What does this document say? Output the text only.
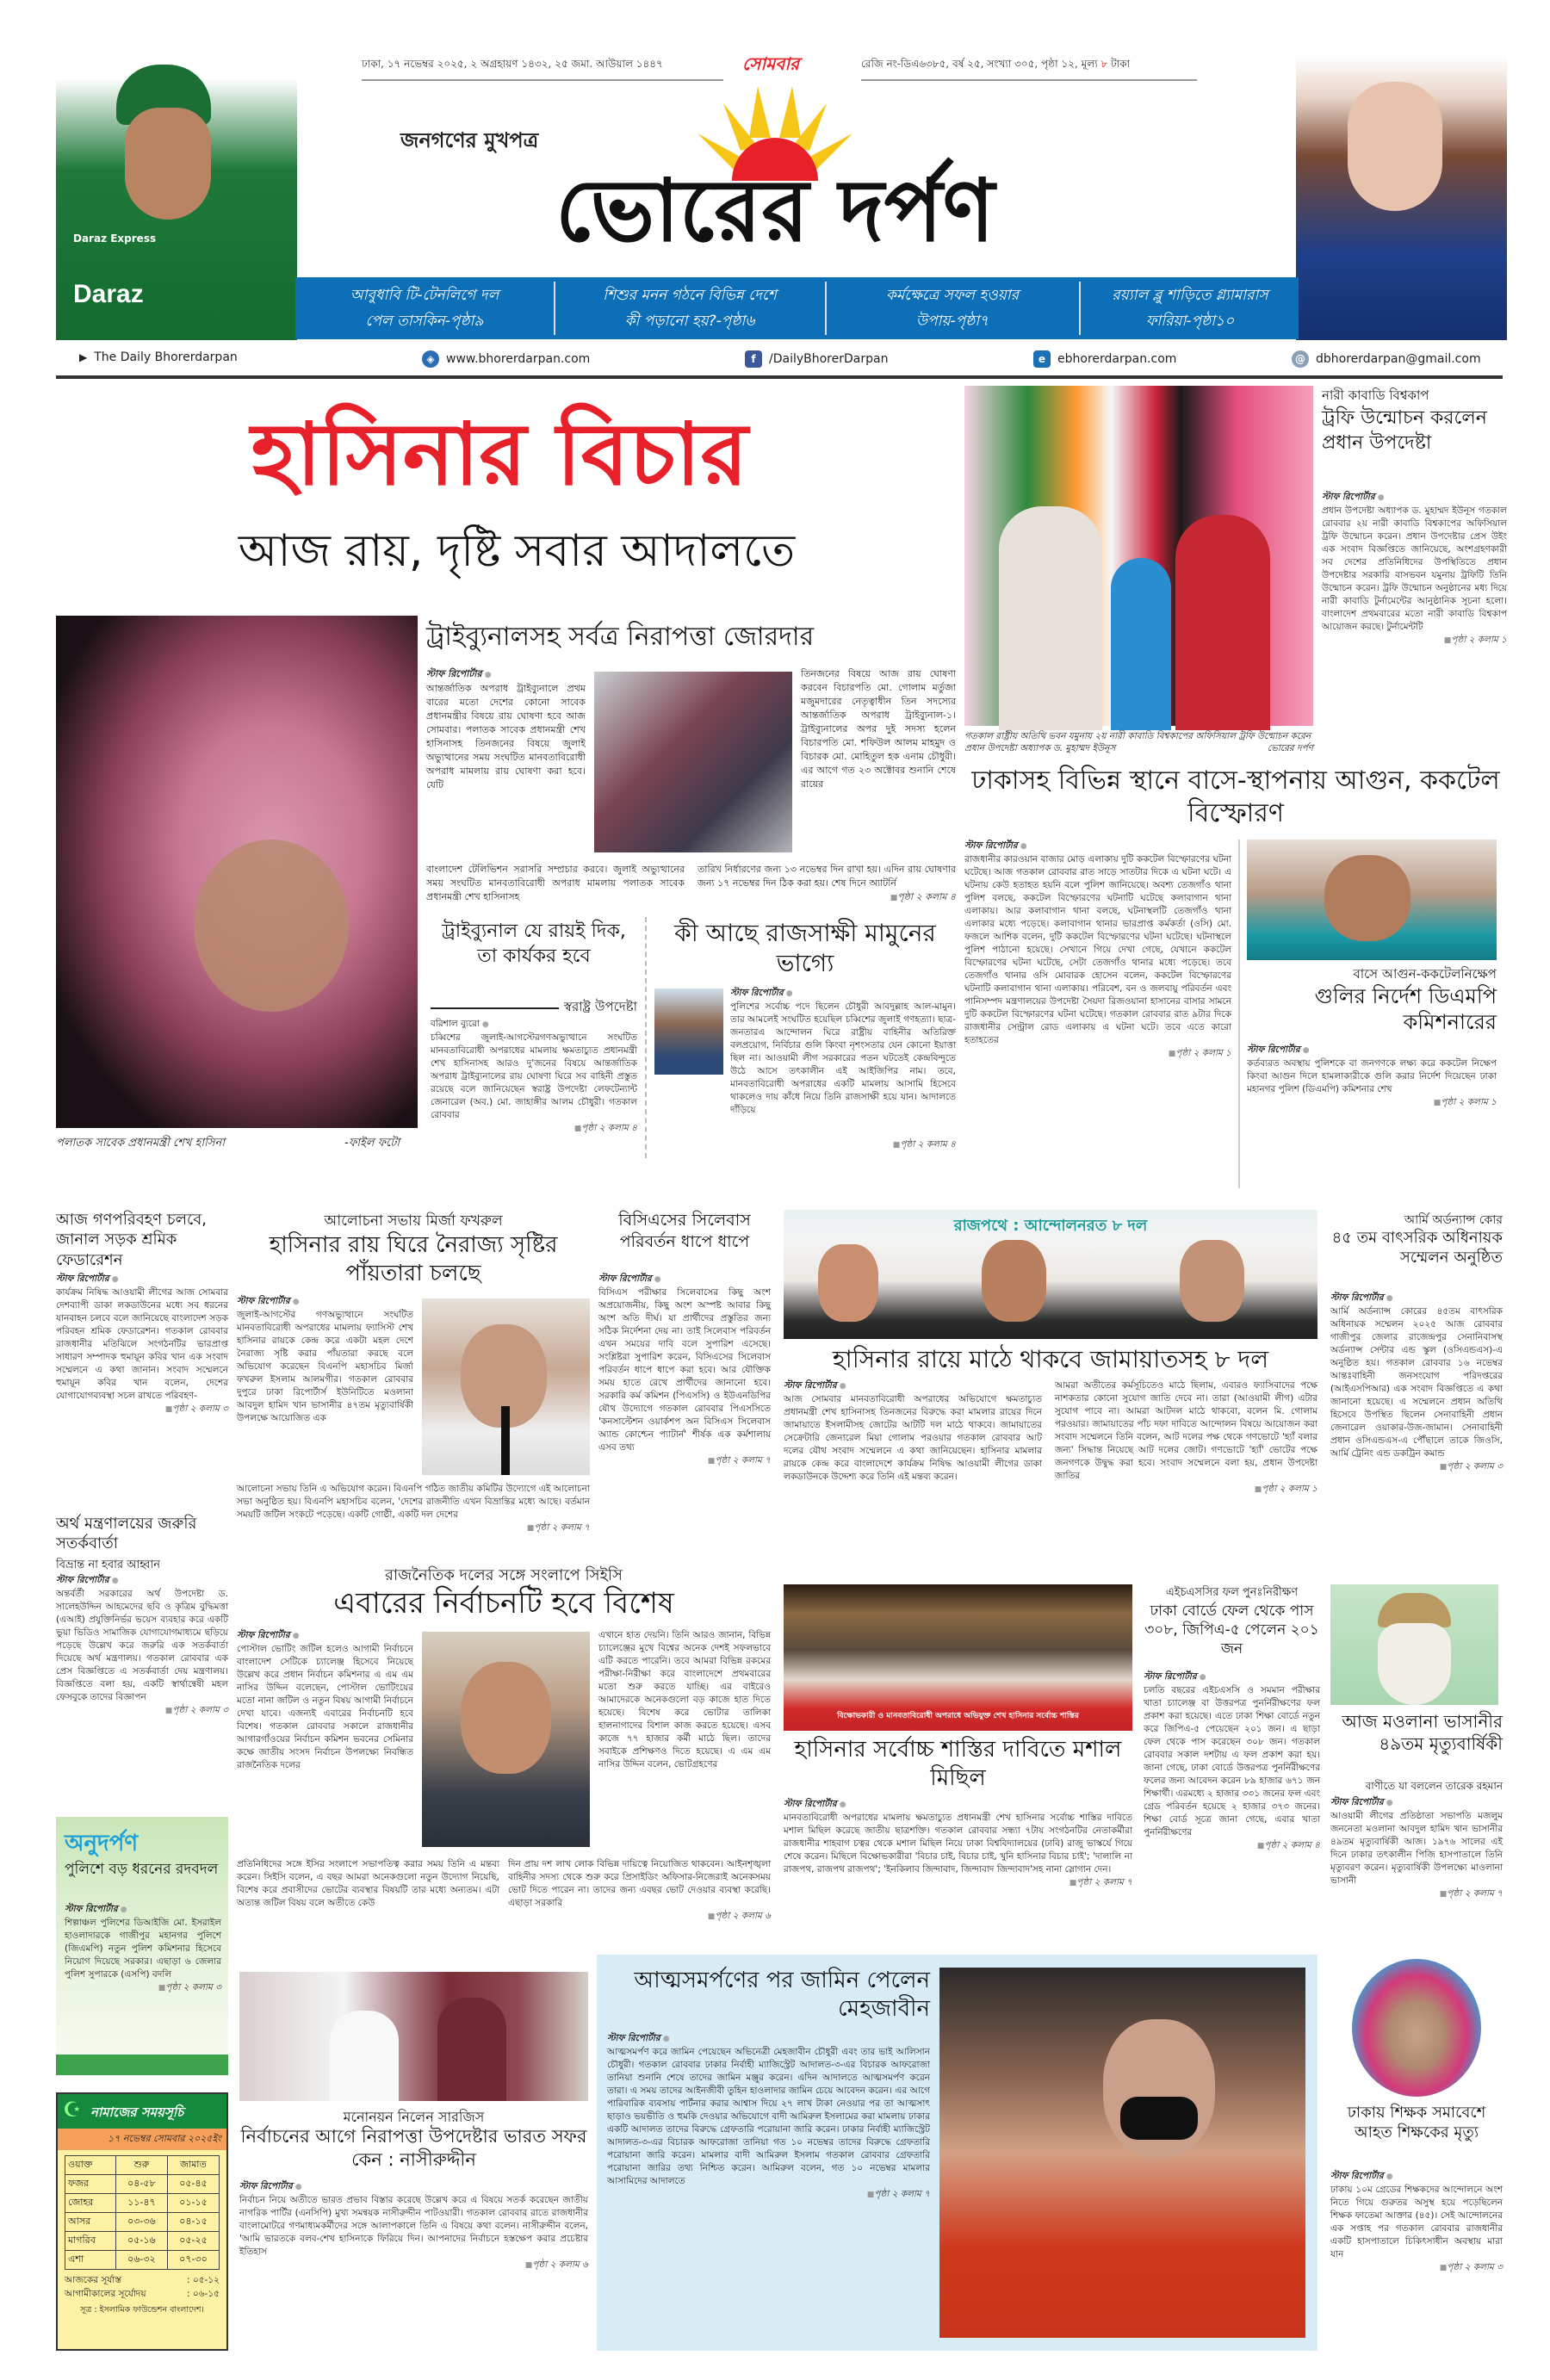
Daraz Express
Daraz
ঢাকা, ১৭ নভেম্বর ২০২৫, ২ অগ্রহায়ণ ১৪৩২, ২৫ জমা. আউয়াল ১৪৪৭	সোমবার	রেজি নং-ডিএ৬৩৮৫, বর্ষ ২৫, সংখ্যা ৩০৫, পৃষ্ঠা ১২, মূল্য ৮ টাকা
জনগণের মুখপত্র
ভোরের দর্পণ
আবুধাবি টি-টেনলিগে দল
পেল তাসকিন-পৃষ্ঠা৯
শিশুর মনন গঠনে বিভিন্ন দেশে
কী পড়ানো হয়?-পৃষ্ঠা৬
কর্মক্ষেত্রে সফল হওয়ার
উপায়-পৃষ্ঠা৭
রয়্যাল ব্লু শাড়িতে গ্ল্যামারাস
ফারিয়া-পৃষ্ঠা১০
▶ The Daily Bhorerdarpan	◈ www.bhorerdarpan.com	f	/DailyBhorerDarpan	e ebhorerdarpan.com	@ dbhorerdarpan@gmail.com
হাসিনার বিচার
আজ রায়, দৃষ্টি সবার আদালতে
পলাতক সাবেক প্রধানমন্ত্রী শেখ হাসিনা	-ফাইল ফটো
ট্রাইব্যুনালসহ সর্বত্র নিরাপত্তা জোরদার
স্টাফ রিপোর্টার ●
আন্তর্জাতিক অপরাধ ট্রাইব্যুনালে প্রথম বারের মতো দেশের কোনো সাবেক প্রধানমন্ত্রীর বিষয়ে রায় ঘোষণা হবে আজ সোমবার। পলাতক সাবেক প্রধানমন্ত্রী শেখ হাসিনাসহ তিনজনের বিষয়ে জুলাই অভ্যুত্থানের সময় সংঘটিত মানবতাবিরোধী অপরাধ মামলায় রায় ঘোষণা করা হবে। যেটি
তিনজনের বিষয়ে আজ রায় ঘোষণা করবেন বিচারপতি মো. গোলাম মর্তুজা মজুমদারের নেতৃত্বাধীন তিন সদস্যের আন্তর্জাতিক অপরাধ ট্রাইব্যুনাল-১। ট্রাইব্যুনালের অপর দুই সদস্য হলেন বিচারপতি মো. শফিউল আলম মাহমুদ ও বিচারক মো. মোহিতুল হক এনাম চৌধুরী। এর আগে গত ২৩ অক্টোবর শুনানি শেষে রায়ের
বাংলাদেশ টেলিভিশন সরাসরি সম্প্রচার করবে। জুলাই অভ্যুত্থানের সময় সংঘটিত মানবতাবিরোধী অপরাধ মামলায় পলাতক সাবেক প্রধানমন্ত্রী শেখ হাসিনাসহ
তারিখ নির্ধারণের জন্য ১৩ নভেম্বর দিন রাখা হয়। এদিন রায় ঘোষণার জন্য ১৭ নভেম্বর দিন ঠিক করা হয়। শেষ দিনে অ্যাটর্নি
■ পৃষ্ঠা ২ কলাম ৪
ট্রাইব্যুনাল যে রায়ই দিক, তা কার্যকর হবে
স্বরাষ্ট্র উপদেষ্টা
বরিশাল ব্যুরো ●
চব্বিশের জুলাই-আগস্টেরগণঅভ্যুত্থানে সংঘটিত মানবতাবিরোধী অপরাধের মামলায় ক্ষমতাচ্যুত প্রধানমন্ত্রী শেখ হাসিনাসহ আরও দু'জনের বিষয়ে আন্তর্জাতিক অপরাধ ট্রাইব্যুনালের রায় ঘোষণা ঘিরে সব বাহিনী প্রস্তুত রয়েছে বলে জানিয়েছেন স্বরাষ্ট্র উপদেষ্টা লেফটেন্যান্ট জেনারেল (অব.) মো. জাহাঙ্গীর আলম চৌধুরী। গতকাল রোববার
■ পৃষ্ঠা ২ কলাম ৪
কী আছে রাজসাক্ষী মামুনের ভাগ্যে
স্টাফ রিপোর্টার ●
পুলিশের সর্বোচ্চ পদে ছিলেন চৌধুরী আবদুল্লাহ আল-মামুন। তার আমলেই সংঘটিত হয়েছিল চব্বিশের জুলাই গণহত্যা। ছাত্র-জনতারএ আন্দোলন ঘিরে রাষ্ট্রীয় বাহিনীর অতিরিক্ত বলপ্রয়োগ, নির্বিচার গুলি কিংবা নৃশংসতার যেন কোনো ইয়াত্তা ছিল না। আওয়ামী লীগ সরকারের পতন ঘটতেই কেন্দ্রবিন্দুতে উঠে আসে তৎকালীন এই আইজিপির নাম। তবে, মানবতাবিরোধী অপরাধের একটি মামলায় আসামি হিসেবে থাকলেও দায় কাঁধে নিয়ে তিনি রাজসাক্ষী হয়ে যান। আদালতে দাঁড়িয়ে
■ পৃষ্ঠা ২ কলাম ৪
গতকাল রাষ্ট্রীয় অতিথি ভবন যমুনায় ২য় নারী কাবাডি বিশ্বকাপের অফিসিয়াল ট্রফি উন্মোচন করেন প্রধান উপদেষ্টা অধ্যাপক ড. মুহাম্মদ ইউনূস	ভোরের দর্পণ
নারী কাবাডি বিশ্বকাপ
ট্রফি উন্মোচন করলেন প্রধান উপদেষ্টা
স্টাফ রিপোর্টার ●
প্রধান উপদেষ্টা অধ্যাপক ড. মুহাম্মদ ইউনূস গতকাল রোববার ২য় নারী কাবাডি বিশ্বকাপের অফিসিয়াল ট্রফি উন্মোচন করেন। প্রধান উপদেষ্টার প্রেস উইং এক সংবাদ বিজ্ঞপ্তিতে জানিয়েছে, অংশগ্রহণকারী সব দেশের প্রতিনিধিদের উপস্থিতিতে প্রধান উপদেষ্টার সরকারি বাসভবন যমুনায় ট্রফিটি তিনি উন্মোচন করেন। ট্রফি উন্মোচন অনুষ্ঠানের মধ্য দিয়ে নারী কাবাডি টুর্নামেন্টের আনুষ্ঠানিক সূচনা হলো। বাংলাদেশ প্রথমবারের মতো নারী কাবাডি বিশ্বকাপ আয়োজন করছে। টুর্নামেন্টটি
■ পৃষ্ঠা ২ কলাম ১
ঢাকাসহ বিভিন্ন স্থানে বাসে-স্থাপনায় আগুন, ককটেল বিস্ফোরণ
স্টাফ রিপোর্টার ●
রাজধানীর কারওয়ান বাজার মোড় এলাকায় দুটি ককটেল বিস্ফোরণের ঘটনা ঘটেছে। আজ গতকাল রোববার রাত সাড়ে সাতটার দিকে এ ঘটনা ঘটে। এ ঘটনায় কেউ হতাহত হয়নি বলে পুলিশ জানিয়েছে। অবশ্য তেজগাঁও থানা পুলিশ বলছে, ককটেল বিস্ফোরণের ঘটনাটি ঘটেছে কলাবাগান থানা এলাকায়। আর কলাবাগান থানা বলছে, ঘটনাস্থলটি তেজগাঁও থানা এলাকার মধ্যে পড়েছে। কলাবাগান থানার ভারপ্রাপ্ত কর্মকর্তা (ওসি) মো. ফজলে আশিক বলেন, দুটি ককটেল বিস্ফোরণের ঘটনা ঘটেছে। ঘটনাস্থলে পুলিশ পাঠানো হয়েছে। সেখানে গিয়ে দেখা গেছে, যেখানে ককটেল বিস্ফোরণের ঘটনা ঘটেছে, সেটা তেজগাঁও থানার মধ্যে পড়েছে। তবে তেজগাঁও থানার ওসি মোবারক হোসেন বলেন, ককটেল বিস্ফোরণের ঘটনাটি কলাবাগান থানা এলাকায়। পরিবেশ, বন ও জলবায়ু পরিবর্তন এবং পানিসম্পদ মন্ত্রণালয়ের উপদেষ্টা সৈয়দা রিজওয়ানা হাসানের বাসার সামনে দুটি ককটেল বিস্ফোরণের ঘটনা ঘটেছে। গতকাল রোববার রাত ৯টার দিকে রাজধানীর সেন্ট্রাল রোড এলাকায় এ ঘটনা ঘটে। তবে এতে কারো হতাহতের
■ পৃষ্ঠা ২ কলাম ১
বাসে আগুন-ককটেলনিক্ষেপ
গুলির নির্দেশ ডিএমপি কমিশনারের
স্টাফ রিপোর্টার ●
কর্তব্যরত অবস্থায় পুলিশকে বা জনগণকে লক্ষ্য করে ককটেল নিক্ষেপ কিংবা আগুন দিলে হামলাকারীকে গুলি করার নির্দেশ দিয়েছেন ঢাকা মহানগর পুলিশ (ডিএমপি) কমিশনার শেখ
■ পৃষ্ঠা ২ কলাম ১
আজ গণপরিবহণ চলবে, জানাল সড়ক শ্রমিক ফেডারেশন
স্টাফ রিপোর্টার ●
কার্যক্রম নিষিদ্ধ আওয়ামী লীগের আজ সোমবার দেশব্যাপী ডাকা লকডাউনের মধ্যে সব ধরনের যানবাহন চলবে বলে জানিয়েছে বাংলাদেশ সড়ক পরিবহন শ্রমিক ফেডারেশন। গতকাল রোববার রাজধানীর মতিঝিলে সংগঠনটির ভারপ্রাপ্ত সাধারণ সম্পাদক হুমায়ূন কবির খান এক সংবাদ সম্মেলনে এ কথা জানান। সংবাদ সম্মেলনে হুমায়ূন কবির খান বলেন, দেশের যোগাযোগব্যবস্থা সচল রাখতে পরিবহণ-
■ পৃষ্ঠা ২ কলাম ৩
আলোচনা সভায় মির্জা ফখরুল
হাসিনার রায় ঘিরে নৈরাজ্য সৃষ্টির পাঁয়তারা চলছে
স্টাফ রিপোর্টার ●
জুলাই-আগস্টের গণঅভ্যুত্থানে সংঘটিত মানবতাবিরোধী অপরাধের মামলায় ফ্যাসিস্ট শেখ হাসিনার রায়কে কেন্দ্র করে একটা মহল দেশে নৈরাজ্য সৃষ্টি করার পাঁয়তারা করছে বলে অভিযোগ করেছেন বিএনপি মহাসচিব মির্জা ফখরুল ইসলাম আলমগীর। গতকাল রোববার দুপুরে ঢাকা রিপোর্টার্স ইউনিটিতে মওলানা আবদুল হামিদ খান ভাসানীর ৪৭তম মৃত্যুবার্ষিকী উপলক্ষে আয়োজিত এক
আলোচনা সভায় তিনি এ অভিযোগ করেন। বিএনপি গঠিত জাতীয় কমিটির উদ্যোগে এই আলোচনা সভা অনুষ্ঠিত হয়। বিএনপি মহাসচিব বলেন, 'দেশের রাজনীতি এখন বিভ্রান্তির মধ্যে আছে। বর্তমান সময়টি জটিল সংকটে পড়েছে। একটি গোষ্ঠী, একটি দল দেশের
■ পৃষ্ঠা ২ কলাম ৭
বিসিএসের সিলেবাস পরিবর্তন ধাপে ধাপে
স্টাফ রিপোর্টার ●
বিসিএস পরীক্ষার সিলেবাসের কিছু অংশ অপ্রয়োজনীয়, কিছু অংশ অস্পষ্ট আবার কিছু অংশ অতি দীর্ঘ। যা প্রার্থীদের প্রস্তুতির জন্য সঠিক নির্দেশনা দেয় না। তাই সিলেবাস পরিবর্তন এখন সময়ের দাবি বলে সুপারিশ এসেছে। সংশ্লিষ্টরা সুপারিশ করেন, বিসিএসের সিলেবাস পরিবর্তন ধাপে ধাপে করা হবে। আর যৌক্তিক সময় হাতে রেখে প্রার্থীদের জানানো হবে। সরকারি কর্ম কমিশন (পিএসসি) ও ইউএনডিপির যৌথ উদ্যোগে গতকাল রোববার পিএসসিতে 'কনসাল্টেশন ওয়ার্কশপ অন বিসিএস সিলেবাস অ্যান্ড কোশ্চেন প্যাটার্ন' শীর্ষক এক কর্মশালায় এসব তথ্য
■ পৃষ্ঠা ২ কলাম ৭
রাজপথে : আন্দোলনরত ৮ দল
হাসিনার রায়ে মাঠে থাকবে জামায়াতসহ ৮ দল
স্টাফ রিপোর্টার ●
আজ সোমবার মানবতাবিরোধী অপরাধের অভিযোগে ক্ষমতাচ্যুত প্রধানমন্ত্রী শেখ হাসিনাসহ তিনজনের বিরুদ্ধে করা মামলার রায়ের দিনে জামায়াতে ইসলামীসহ জোটের আটটি দল মাঠে থাকবে। জামায়াতের সেক্রেটারি জেনারেল মিয়া গোলাম পরওয়ার গতকাল রোববার আট দলের যৌথ সংবাদ সম্মেলনে এ কথা জানিয়েছেন। হাসিনার মামলার রায়কে কেন্দ্র করে বাংলাদেশে কার্যক্রম নিষিদ্ধ আওয়ামী লীগের ডাকা লকডাউনকে উদ্দেশ্য করে তিনি এই মন্তব্য করেন।
আমরা অতীতের কর্মসূচিতেও মাঠে ছিলাম, এবারও ফ্যাসিবাদের পক্ষে নাশকতার কোনো সুযোগ জাতি দেবে না। তারা (আওয়ামী লীগ) এটার সুযোগ পাবে না। আমরা আটদল মাঠে থাকবো, বলেন মি. গোলাম পরওয়ার। জামায়াতের পাঁচ দফা দাবিতে আন্দোলন বিষয়ে আয়োজন করা সংবাদ সম্মেলনে তিনি বলেন, আট দলের পক্ষ থেকে গণভোটে 'হ্যাঁ বলার জন্য' সিদ্ধান্ত নিয়েছে আট দলের জোট। গণভোটে 'হ্যাঁ' ভোটের পক্ষে জনগণকে উদ্বুদ্ধ করা হবে। সংবাদ সম্মেলনে বলা হয়, প্রধান উপদেষ্টা জাতির
■ পৃষ্ঠা ২ কলাম ১
আর্মি অর্ডন্যান্স কোর
৪৫ তম বাৎসরিক অধিনায়ক সম্মেলন অনুষ্ঠিত
স্টাফ রিপোর্টার ●
আর্মি অর্ডন্যান্স কোরের ৪৫তম বাৎসরিক অধিনায়ক সম্মেলন ২০২৫ আজ রোববার গাজীপুর জেলার রাজেন্দ্রপুর সেনানিবাসস্থ অর্ডন্যান্স সেন্টার এন্ড স্কুল (ওসিএন্ডএস)-এ অনুষ্ঠিত হয়। গতকাল রোববার ১৬ নভেম্বর আন্তঃবাহিনী জনসংযোগ পরিদপ্তরের (আইএসপিআর) এক সংবাদ বিজ্ঞপ্তিতে এ কথা জানানো হয়েছে। এ সম্মেলনে প্রধান অতিথি হিসেবে উপস্থিত ছিলেন সেনাবাহিনী প্রধান জেনারেল ওয়াকার-উজ-জামান। সেনাবাহিনী প্রধান ওসিএন্ডএস-এ পৌঁছালে তাকে জিওসি, আর্মি ট্রেনিং এন্ড ডকট্রিন কমান্ড
■ পৃষ্ঠা ২ কলাম ৩
অর্থ মন্ত্রণালয়ের জরুরি সতর্কবার্তা
বিভ্রান্ত না হবার আহ্বান
স্টাফ রিপোর্টার ●
অন্তর্বর্তী সরকারের অর্থ উপদেষ্টা ড. সালেহউদ্দিন আহমেদের ছবি ও কৃত্রিম বুদ্ধিমত্তা (এআই) প্রযুক্তিনির্ভর ভয়েস ব্যবহার করে একটি ভুয়া ভিডিও সামাজিক যোগাযোগমাধ্যমে ছড়িয়ে পড়েছে উল্লেখ করে জরুরি এক সতর্কবার্তা দিয়েছে অর্থ মন্ত্রণালয়। গতকাল রোববার এক প্রেস বিজ্ঞপ্তিতে এ সতর্কবার্তা দেয় মন্ত্রণালয়। বিজ্ঞপ্তিতে বলা হয়, একটি স্বার্থান্বেষী মহল ফেসবুকে তাদের বিজ্ঞাপন
■ পৃষ্ঠা ২ কলাম ৩
রাজনৈতিক দলের সঙ্গে সংলাপে সিইসি
এবারের নির্বাচনটি হবে বিশেষ
স্টাফ রিপোর্টার ●
পোস্টাল ভোটিং জটিল হলেও আগামী নির্বাচনে বাংলাদেশ সেটিকে চ্যালেঞ্জ হিসেবে নিয়েছে উল্লেখ করে প্রধান নির্বাচন কমিশনার এ এম এম নাসির উদ্দিন বলেছেন, পোস্টাল ভোটিংয়ের মতো নানা জটিল ও নতুন বিষয় আগামী নির্বাচনে দেখা যাবে। এজন্যই এবারের নির্বাচনটি হবে বিশেষ। গতকাল রোববার সকালে রাজধানীর আগারগাঁওয়ের নির্বাচন কমিশন ভবনের সেমিনার কক্ষে জাতীয় সংসদ নির্বাচন উপলক্ষ্যে নিবন্ধিত রাজনৈতিক দলের
এখানে হাত দেয়নি। তিনি আরও জানান, বিভিন্ন চ্যালেঞ্জের মুখে বিশ্বের অনেক দেশই সফলভাবে এটি করতে পারেনি। তবে আমরা বিভিন্ন রকমের পরীক্ষা-নিরীক্ষা করে বাংলাদেশে প্রথমবারের মতো শুরু করতে যাচ্ছি। এর বাইরেও আমাদেরকে অনেকগুলো বড় কাজে হাত দিতে হয়েছে। বিশেষ করে ভোটার তালিকা হালনাগাদের বিশাল কাজ করতে হয়েছে। এসব কাজে ৭৭ হাজার কর্মী মাঠে ছিল। তাদের সবাইকে প্রশিক্ষণও দিতে হয়েছে। এ এম এম নাসির উদ্দিন বলেন, ভোটগ্রহণের
প্রতিনিধিদের সঙ্গে ইসির সংলাপে সভাপতিত্ব করার সময় তিনি এ মন্তব্য করেন। সিইসি বলেন, এ বছর আমরা অনেকগুলো নতুন উদ্যোগ নিয়েছি, বিশেষ করে প্রবাসীদের ভোটের ব্যবস্থার বিষয়টি তার মধ্যে অন্যতম। এটা অত্যন্ত জটিল বিষয় বলে অতীতে কেউ
দিন প্রায় দশ লাখ লোক বিভিন্ন দায়িত্বে নিয়োজিত থাকবেন। আইনশৃঙ্খলা বাহিনীর সদস্য থেকে শুরু করে প্রিসাইডিং অফিসার-নিজেরাই অনেকসময় ভোট দিতে পারেন না। তাদের জন্য এবছর ভোট দেওয়ার ব্যবস্থা করেছি। এছাড়া সরকারি
■ পৃষ্ঠা ২ কলাম ৬
বিক্ষোভকারী ও মানবতাবিরোধী অপরাধে অভিযুক্ত শেখ হাসিনার সর্বোচ্চ শাস্তির
হাসিনার সর্বোচ্চ শাস্তির দাবিতে মশাল মিছিল
স্টাফ রিপোর্টার ●
মানবতাবিরোধী অপরাধের মামলায় ক্ষমতাচ্যুত প্রধানমন্ত্রী শেখ হাসিনার সর্বোচ্চ শাস্তির দাবিতে মশাল মিছিল করেছে জাতীয় ছাত্রশক্তি। গতকাল রোববার সন্ধ্যা ৭টায় সংগঠনটির নেতাকর্মীরা রাজধানীর শাহবাগ চত্বর থেকে মশাল মিছিল নিয়ে ঢাকা বিশ্ববিদ্যালয়ের (ঢাবি) রাজু ভাস্কর্যে গিয়ে শেষে করেন। মিছিলে বিক্ষোভকারীরা 'বিচার চাই, বিচার চাই, খুনি হাসিনার বিচার চাই'; 'দালালি না রাজপথ, রাজপথ রাজপথ'; 'ইনকিলাব জিন্দাবাদ, জিন্দাবাদ জিন্দাবাদ'সহ নানা স্লোগান দেন।
■ পৃষ্ঠা ২ কলাম ৭
এইচএসসির ফল পুনঃনিরীক্ষণ
ঢাকা বোর্ডে ফেল থেকে পাস ৩০৮, জিপিএ-৫ পেলেন ২০১ জন
স্টাফ রিপোর্টার ●
চলতি বছরের এইচএসসি ও সমমান পরীক্ষার খাতা চ্যালেঞ্জ বা উত্তরপত্র পুনর্নিরীক্ষণের ফল প্রকাশ করা হয়েছে। এতে ঢাকা শিক্ষা বোর্ডে নতুন করে জিপিএ-৫ পেয়েছেন ২০১ জন। এ ছাড়া ফেল থেকে পাস করেছেন ৩০৮ জন। গতকাল রোববার সকাল দশটায় এ ফল প্রকাশ করা হয়। জানা গেছে, ঢাকা বোর্ডে উত্তরপত্র পুনর্নিরীক্ষণের ফলের জন্য আবেদন করেন ৮৯ হাজার ৬৭১ জন শিক্ষার্থী। এরমধ্যে ২ হাজার ৩৩১ জনের ফল এবং গ্রেড পরিবর্তন হয়েছে ২ হাজার ৩৭৩ জনের। শিক্ষা বোর্ড সূত্রে জানা গেছে, এবার খাতা পুনর্নিরীক্ষণের
■ পৃষ্ঠা ২ কলাম ৪
আজ মওলানা ভাসানীর ৪৯তম মৃত্যুবার্ষিকী
বাণীতে যা বললেন তারেক রহমান
স্টাফ রিপোর্টার ●
আওয়ামী লীগের প্রতিষ্ঠাতা সভাপতি মজলুম জননেতা মওলানা আবদুল হামিদ খান ভাসানীর ৪৯তম মৃত্যুবার্ষিকী আজ। ১৯৭৬ সালের এই দিনে ঢাকার তৎকালীন পিজি হাসপাতালে তিনি মৃত্যুবরণ করেন। মৃত্যুবার্ষিকী উপলক্ষ্যে মাওলানা ভাসানী
■ পৃষ্ঠা ২ কলাম ৭
অনুদর্পণ
পুলিশে বড় ধরনের রদবদল
স্টাফ রিপোর্টার ●
শিল্পাঞ্চল পুলিশের ডিআইজি মো. ইসরাইল হাওলাদারকে গাজীপুর মহানগর পুলিশে (জিএমপি) নতুন পুলিশ কমিশনার হিসেবে নিয়োগ দিয়েছে সরকার। এছাড়া ৬ জেলার পুলিশ সুপারকে (এসপি) বদলি
■ পৃষ্ঠা ২ কলাম ৩
☪ নামাজের সময়সূচি
১৭ নভেম্বর সোমবার ২০২৫ইং
ওয়াক্ত	শুরু	জামাত
ফজর	০৪-৫৮	০৫-৪৫
জোহর	১১-৪৭	০১-১৫
আসর	০৩-৩৬	০৪-১৫
মাগরিব	০৫-১৬	০৫-২৫
এশা	০৬-৩২	০৭-৩০
আজকের সূর্যাস্ত	: ০৫-১২
আগামীকালের সূর্যোদয়	: ০৬-১৫
সূত্র : ইসলামিক ফাউন্ডেশন বাংলাদেশ।
মনোনয়ন নিলেন সারজিস
নির্বাচনের আগে নিরাপত্তা উপদেষ্টার ভারত সফর কেন : নাসীরুদ্দীন
স্টাফ রিপোর্টার ●
নির্বাচন নিয়ে অতীতে ভারত প্রভাব বিস্তার করেছে উল্লেখ করে এ বিষয়ে সতর্ক করেছেন জাতীয় নাগরিক পার্টির (এনসিপি) মুখ্য সমন্বয়ক নাসীরুদ্দীন পাটওয়ারী। গতকাল রোববার রাতে রাজধানীর বাংলামোটরে গণমাধ্যমকর্মীদের সঙ্গে আলাপকালে তিনি এ বিষয়ে কথা বলেন। নাসীরুদ্দীন বলেন, 'আমি ভারতকে বলব-শেখ হাসিনাকে ফিরিয়ে দিন। আপনাদের নির্বাচনে হস্তক্ষেপ করার প্রচেষ্টার ইতিহাস
■ পৃষ্ঠা ২ কলাম ৬
আত্মসমর্পণের পর জামিন পেলেন মেহজাবীন
স্টাফ রিপোর্টার ●
আত্মসমর্পণ করে জামিন পেয়েছেন অভিনেত্রী মেহজাবীন চৌধুরী এবং তার ভাই আলিসান চৌধুরী। গতকাল রোববার ঢাকার নির্বাহী ম্যাজিস্ট্রেট আদালত-৩-এর বিচারক আফরোজা তানিয়া শুনানি শেষে তাদের জামিন মঞ্জুর করেন। এদিন আদালতে আত্মসমর্পণ করেন তারা। এ সময় তাদের আইনজীবী তুহিন হাওলাদার জামিন চেয়ে আবেদন করেন। এর আগে পারিবারিক ব্যবসায় পার্টনার করার আশ্বাস দিয়ে ২৭ লাখ টাকা নেওয়ার পর তা আত্মসাৎ ছাড়াও ভয়ভীতি ও হুমকি দেওয়ার অভিযোগে বাদী আমিরুল ইসলামের করা মামলায় ঢাকার একটি আদালত তাদের বিরুদ্ধে গ্রেফতারি পরোয়ানা জারি করেন। ঢাকার নির্বাহী ম্যাজিস্ট্রেট আদালত-৩-এর বিচারক আফরোজা তানিয়া গত ১০ নভেম্বর তাদের বিরুদ্ধে গ্রেফতারি পরোয়ানা জারি করেন। মামলার বাদী আমিরুল ইসলাম গতকাল রোববার গ্রেফতারি পরোয়ানা জারির তথ্য নিশ্চিত করেন। আমিরুল বলেন, গত ১০ নভেম্বর মামলার আসামিদের আদালতে
■ পৃষ্ঠা ২ কলাম ৭
ঢাকায় শিক্ষক সমাবেশে আহত শিক্ষকের মৃত্যু
স্টাফ রিপোর্টার ●
ঢাকায় ১০ম গ্রেডের শিক্ষকদের আন্দোলনে অংশ নিতে গিয়ে গুরুতর অসুস্থ হয়ে পড়েছিলেন শিক্ষক ফাতেমা আক্তার (৪৫)। সেই আন্দোলনের এক সপ্তাহ পর গতকাল রোববার রাজধানীর একটি হাসপাতালে চিকিৎসাধীন অবস্থায় মারা যান
■ পৃষ্ঠা ২ কলাম ৩
